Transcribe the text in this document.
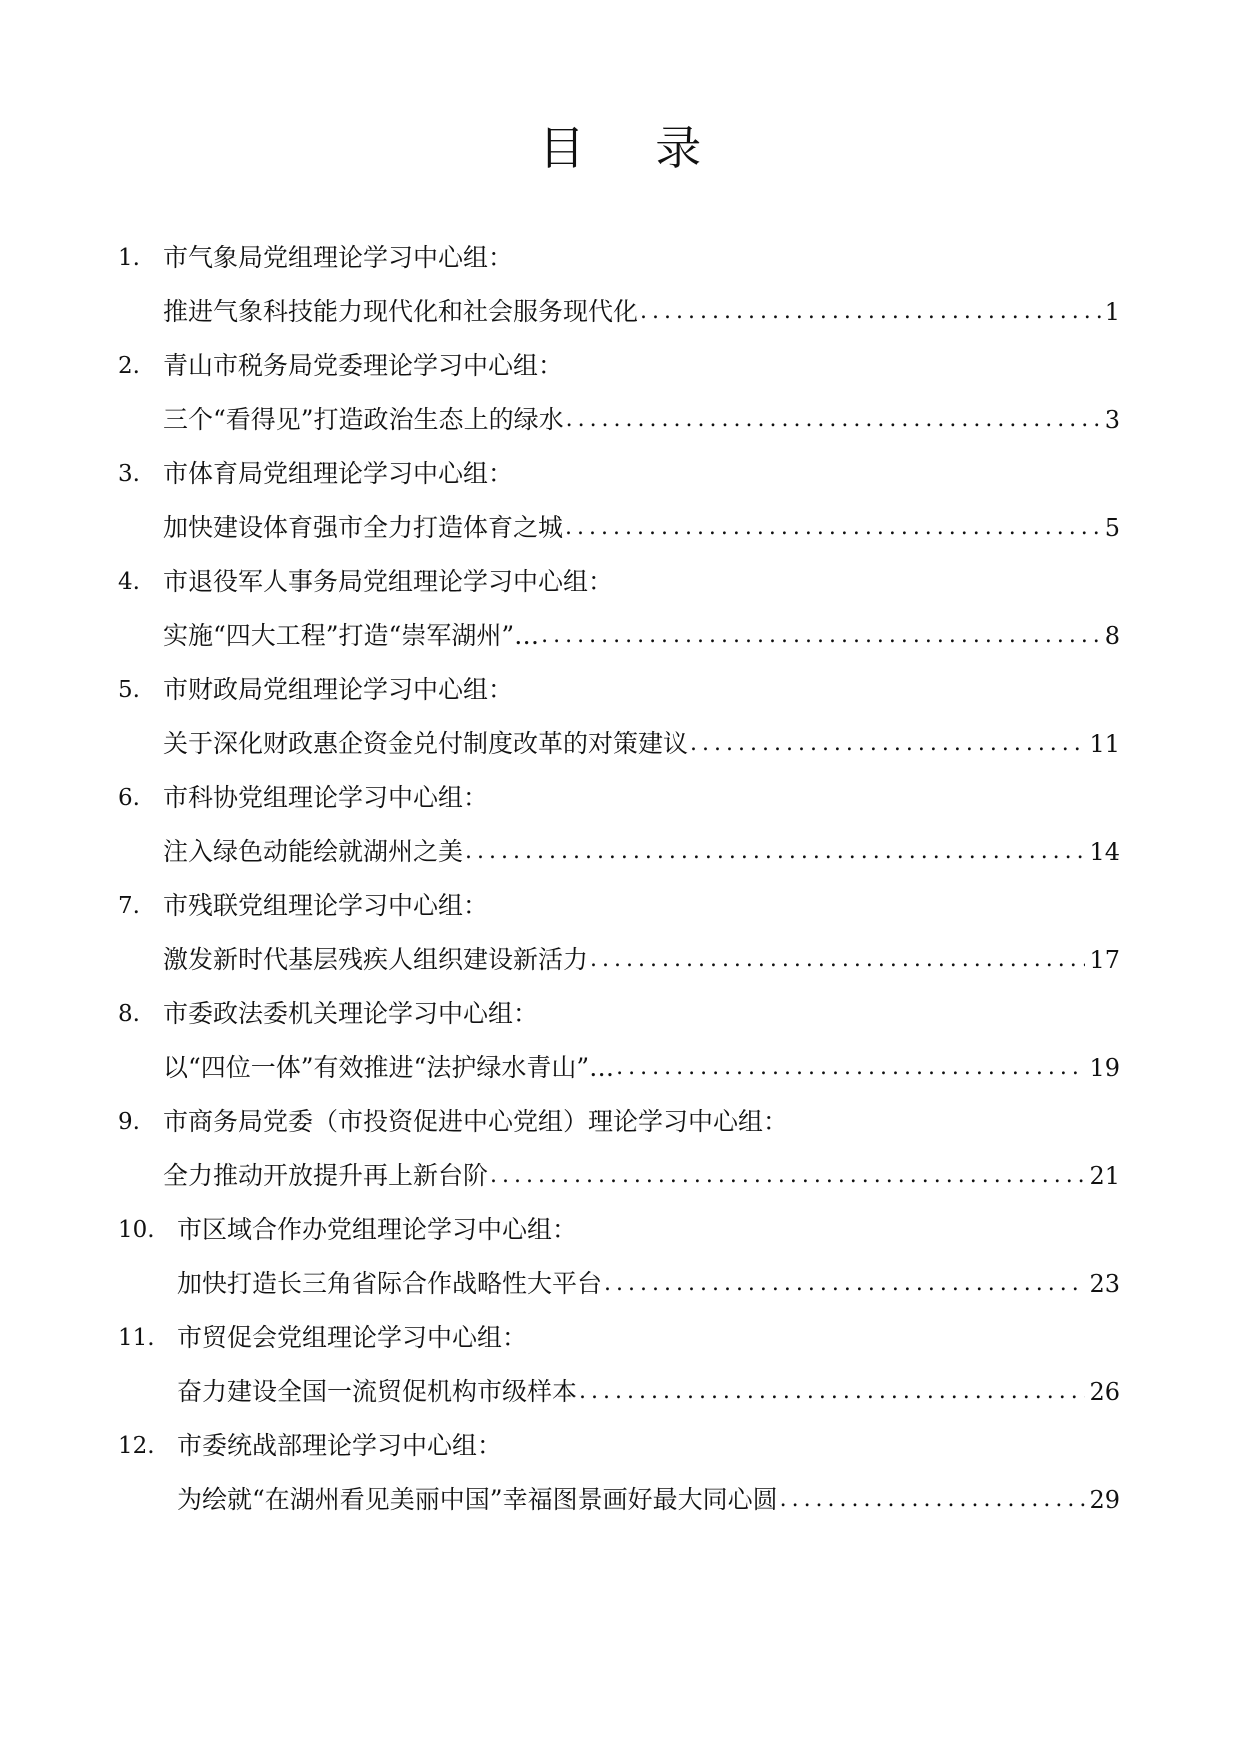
目 录
1. 市气象局党组理论学习中心组：
推进气象科技能力现代化和社会服务现代化 .....	1
2. 青山市税务局党委理论学习中心组：
三个“看得见”打造政治生态上的绿水 .....	3
3. 市体育局党组理论学习中心组：
加快建设体育强市全力打造体育之城 .....	5
4. 市退役军人事务局党组理论学习中心组：
实施“四大工程”打造“崇军湖州”… .....	8
5. 市财政局党组理论学习中心组：
关于深化财政惠企资金兑付制度改革的对策建议 .....	11
6. 市科协党组理论学习中心组：
注入绿色动能绘就湖州之美 .....	14
7. 市残联党组理论学习中心组：
激发新时代基层残疾人组织建设新活力 .....	17
8. 市委政法委机关理论学习中心组：
以“四位一体”有效推进“法护绿水青山”… .....	19
9. 市商务局党委（市投资促进中心党组）理论学习中心组：
全力推动开放提升再上新台阶 .....	21
10. 市区域合作办党组理论学习中心组：
加快打造长三角省际合作战略性大平台 .....	23
11. 市贸促会党组理论学习中心组：
奋力建设全国一流贸促机构市级样本 .....	26
12. 市委统战部理论学习中心组：
为绘就“在湖州看见美丽中国”幸福图景画好最大同心圆 .....	29
